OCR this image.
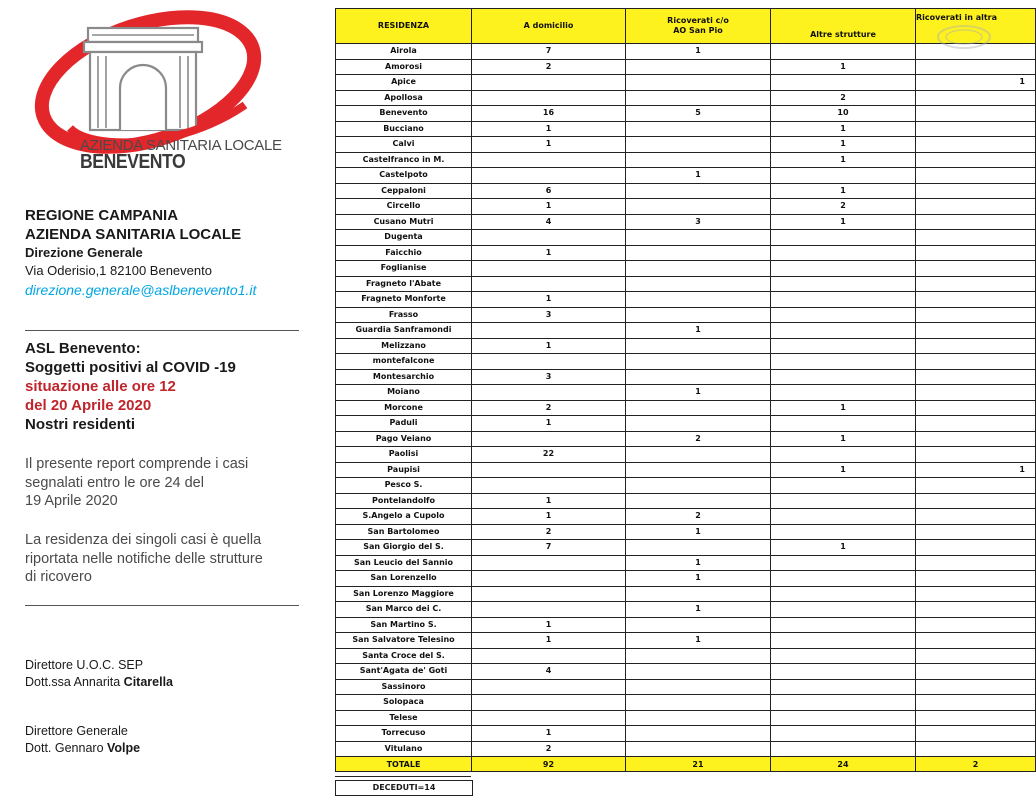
AZIENDA SANITARIA LOCALE
BENEVENTO
REGIONE CAMPANIA
AZIENDA SANITARIA LOCALE
Direzione Generale
Via Oderisio,1 82100 Benevento
direzione.generale@aslbenevento1.it
ASL Benevento:
Soggetti positivi al COVID -19
situazione alle ore 12
del 20 Aprile 2020
Nostri residenti
Il presente report comprende i casi
segnalati entro le ore 24 del
19 Aprile 2020
La residenza dei singoli casi è quella
riportata nelle notifiche delle strutture
di ricovero
Direttore U.O.C. SEP
Dott.ssa Annarita Citarella
Direttore Generale
Dott. Gennaro Volpe
RESIDENZA	A domicilio	Ricoverati c/o
AO San Pio	Altre strutture	Ricoverati in altra
Airola	7	1		
Amorosi	2		1	
Apice				1
Apollosa			2	
Benevento	16	5	10	
Bucciano	1		1	
Calvi	1		1	
Castelfranco in M.			1	
Castelpoto		1		
Ceppaloni	6		1	
Circello	1		2	
Cusano Mutri	4	3	1	
Dugenta				
Faicchio	1			
Foglianise				
Fragneto l'Abate				
Fragneto Monforte	1			
Frasso	3			
Guardia Sanframondi		1		
Melizzano	1			
montefalcone				
Montesarchio	3			
Moiano		1		
Morcone	2		1	
Paduli	1			
Pago Veiano		2	1	
Paolisi	22			
Paupisi			1	1
Pesco S.				
Pontelandolfo	1			
S.Angelo a Cupolo	1	2		
San Bartolomeo	2	1		
San Giorgio del S.	7		1	
San Leucio del Sannio		1		
San Lorenzello		1		
San Lorenzo Maggiore				
San Marco dei C.		1		
San Martino S.	1			
San Salvatore Telesino	1	1		
Santa Croce del S.				
Sant'Agata de' Goti	4			
Sassinoro				
Solopaca				
Telese				
Torrecuso	1			
Vitulano	2			
TOTALE	92	21	24	2
DECEDUTI=14
